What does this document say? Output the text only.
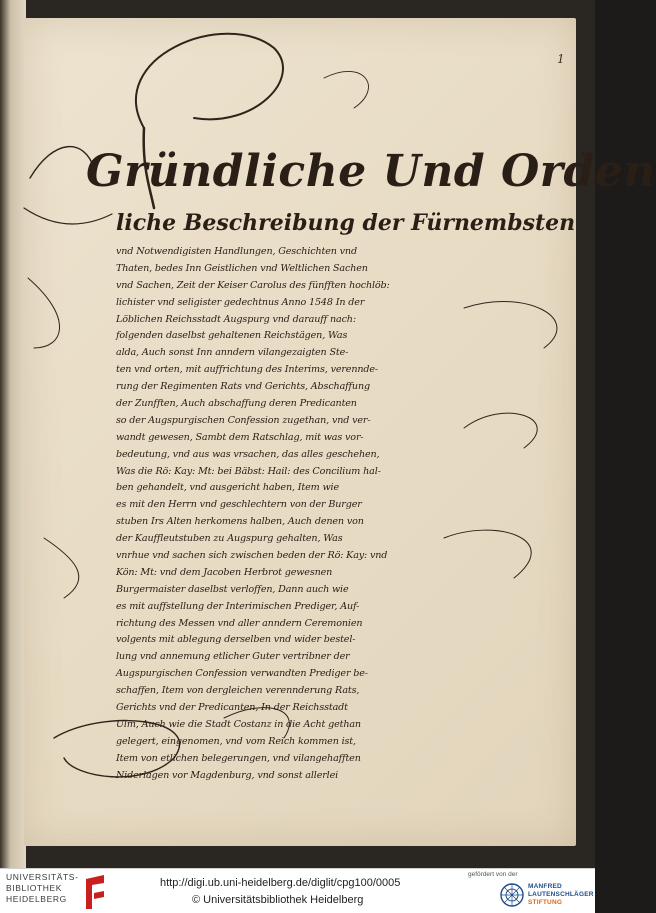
1
Gründliche Und Orden
liche Beschreibung der Fürnembsten
vnd Notwendigisten Handlungen, Geschichten vnd
Thaten, bedes Inn Geistlichen vnd Weltlichen Sachen
vnd Sachen, Zeit der Keiser Carolus des fünfften hochlöb:
lichister vnd seligister gedechtnus Anno 1548 In der
Löblichen Reichsstadt Augspurg vnd darauff nach:
folgenden daselbst gehaltenen Reichstägen, Was
alda, Auch sonst Inn anndern vilangezaigten Ste-
ten vnd orten, mit auffrichtung des Interims, verennde-
rung der Regimenten Rats vnd Gerichts, Abschaffung
der Zunfften, Auch abschaffung deren Predicanten
so der Augspurgischen Confession zugethan, vnd ver-
wandt gewesen, Sambt dem Ratschlag, mit was vor-
bedeutung, vnd aus was vrsachen, das alles geschehen,
Was die Rö: Kay: Mt: bei Bäbst: Hail: des Concilium hal-
ben gehandelt, vnd ausgericht haben, Item wie
es mit den Herrn vnd geschlechtern von der Burger
stuben Irs Alten herkomens halben, Auch denen von
der Kauffleutstuben zu Augspurg gehalten, Was
vnrhue vnd sachen sich zwischen beden der Rö: Kay: vnd
Kön: Mt: vnd dem Jacoben Herbrot gewesnen
Burgermaister daselbst verloffen, Dann auch wie
es mit auffstellung der Interimischen Prediger, Auf-
richtung des Messen vnd aller anndern Ceremonien
volgents mit ablegung derselben vnd wider bestel-
lung vnd annemung etlicher Guter vertribner der
Augspurgischen Confession verwandten Prediger be-
schaffen, Item von dergleichen verennderung Rats,
Gerichts vnd der Predicanten, In der Reichsstadt
Ulm, Auch wie die Stadt Costanz in die Acht gethan
gelegert, eingenomen, vnd vom Reich kommen ist,
Item von etlichen belegerungen, vnd vilangehafften
Niderlagen vor Magdenburg, vnd sonst allerlei
UNIVERSITÄTS-
BIBLIOTHEK
HEIDELBERG
http://digi.ub.uni-heidelberg.de/diglit/cpg100/0005
© Universitätsbibliothek Heidelberg
gefördert von der
MANFRED
LAUTENSCHLÄGER
STIFTUNG
